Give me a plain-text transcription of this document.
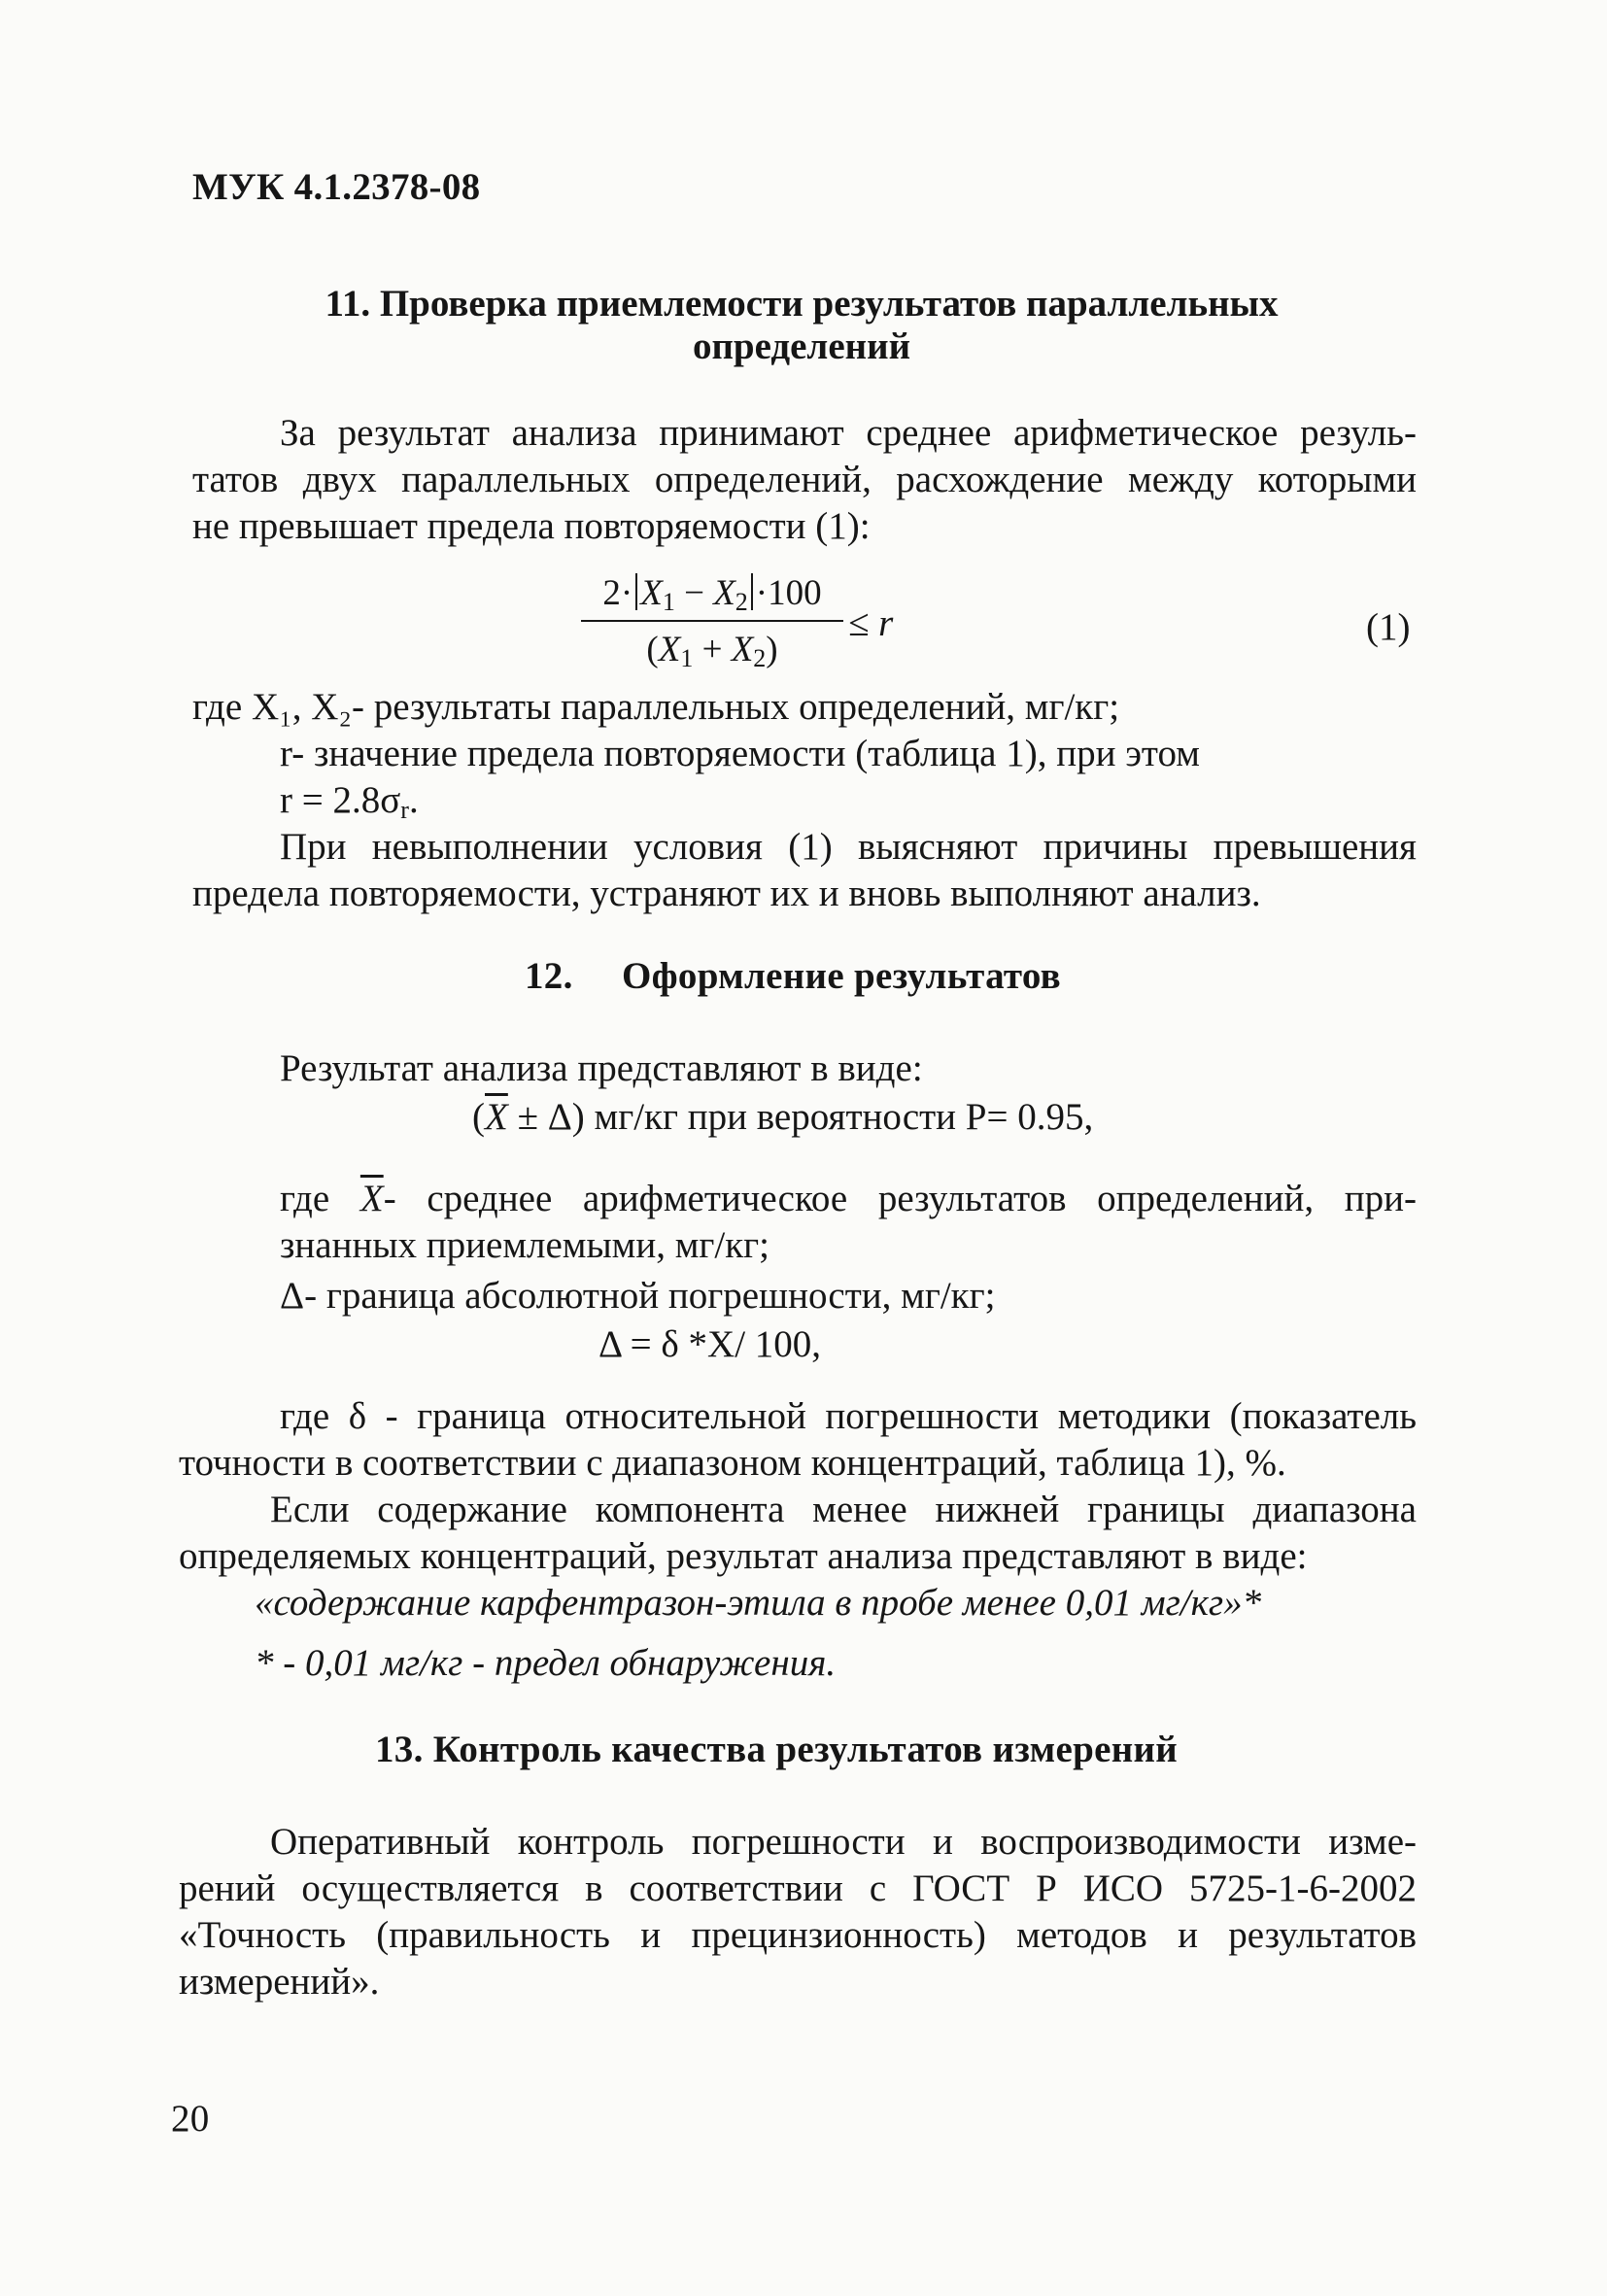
МУК 4.1.2378-08
11. Проверка приемлемости результатов параллельных
определений
За результат анализа принимают среднее арифметическое резуль-
татов двух параллельных определений, расхождение между которыми
не превышает предела повторяемости (1):
$2\cdot X_1 - X_2 \cdot 100$
$(X_1 + X_2)$
≤ r	(1)
где X₁, X₂- результаты параллельных определений, мг/кг;
r- значение предела повторяемости (таблица 1), при этом
$r = 2.8\sigma_r$.
При невыполнении условия (1) выясняют причины превышения
предела повторяемости, устраняют их и вновь выполняют анализ.
12. Оформление результатов
Результат анализа представляют в виде:
$(\overline{X} \pm \Delta)$ мг/кг при вероятности Р= 0.95,
где $\overline{X}-$ среднее арифметическое результатов определений, при-
знанных приемлемыми, мг/кг;
Δ- граница абсолютной погрешности, мг/кг;
Δ = δ *Х/ 100,
где δ - граница относительной погрешности методики (показатель
точности в соответствии с диапазоном концентраций, таблица 1), %.
Если содержание компонента менее нижней границы диапазона
определяемых концентраций, результат анализа представляют в виде:
«содержание карфентразон-этила в пробе менее 0,01 мг/кг»*
* - 0,01 мг/кг - предел обнаружения.
13. Контроль качества результатов измерений
Оперативный контроль погрешности и воспроизводимости изме-
рений осуществляется в соответствии с ГОСТ Р ИСО 5725-1-6-2002
«Точность (правильность и прецинзионность) методов и результатов
измерений».
20
